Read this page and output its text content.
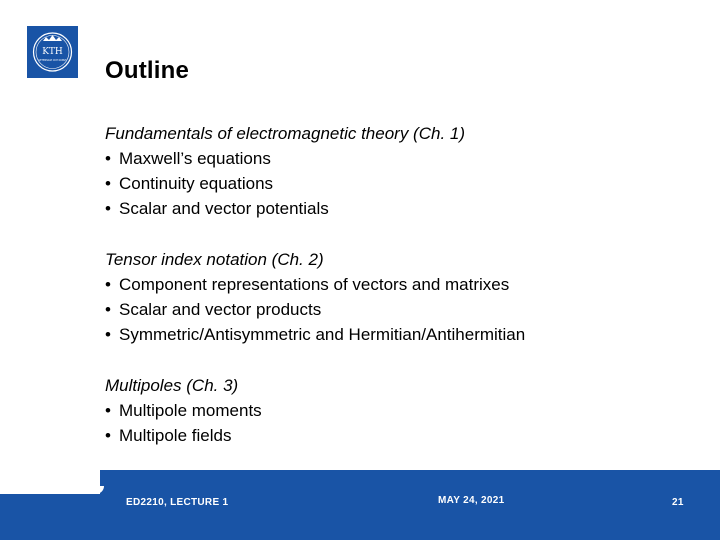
KTH
VETENSKAP OCH KONST Outline
Fundamentals of electromagnetic theory (Ch. 1)
• Maxwell’s equations
• Continuity equations
• Scalar and vector potentials
Tensor index notation (Ch. 2)
• Component representations of vectors and matrixes
• Scalar and vector products
• Symmetric/Antisymmetric and Hermitian/Antihermitian
Multipoles (Ch. 3)
• Multipole moments
• Multipole fields
ED2210, LECTURE 1	MAY 24, 2021	21
